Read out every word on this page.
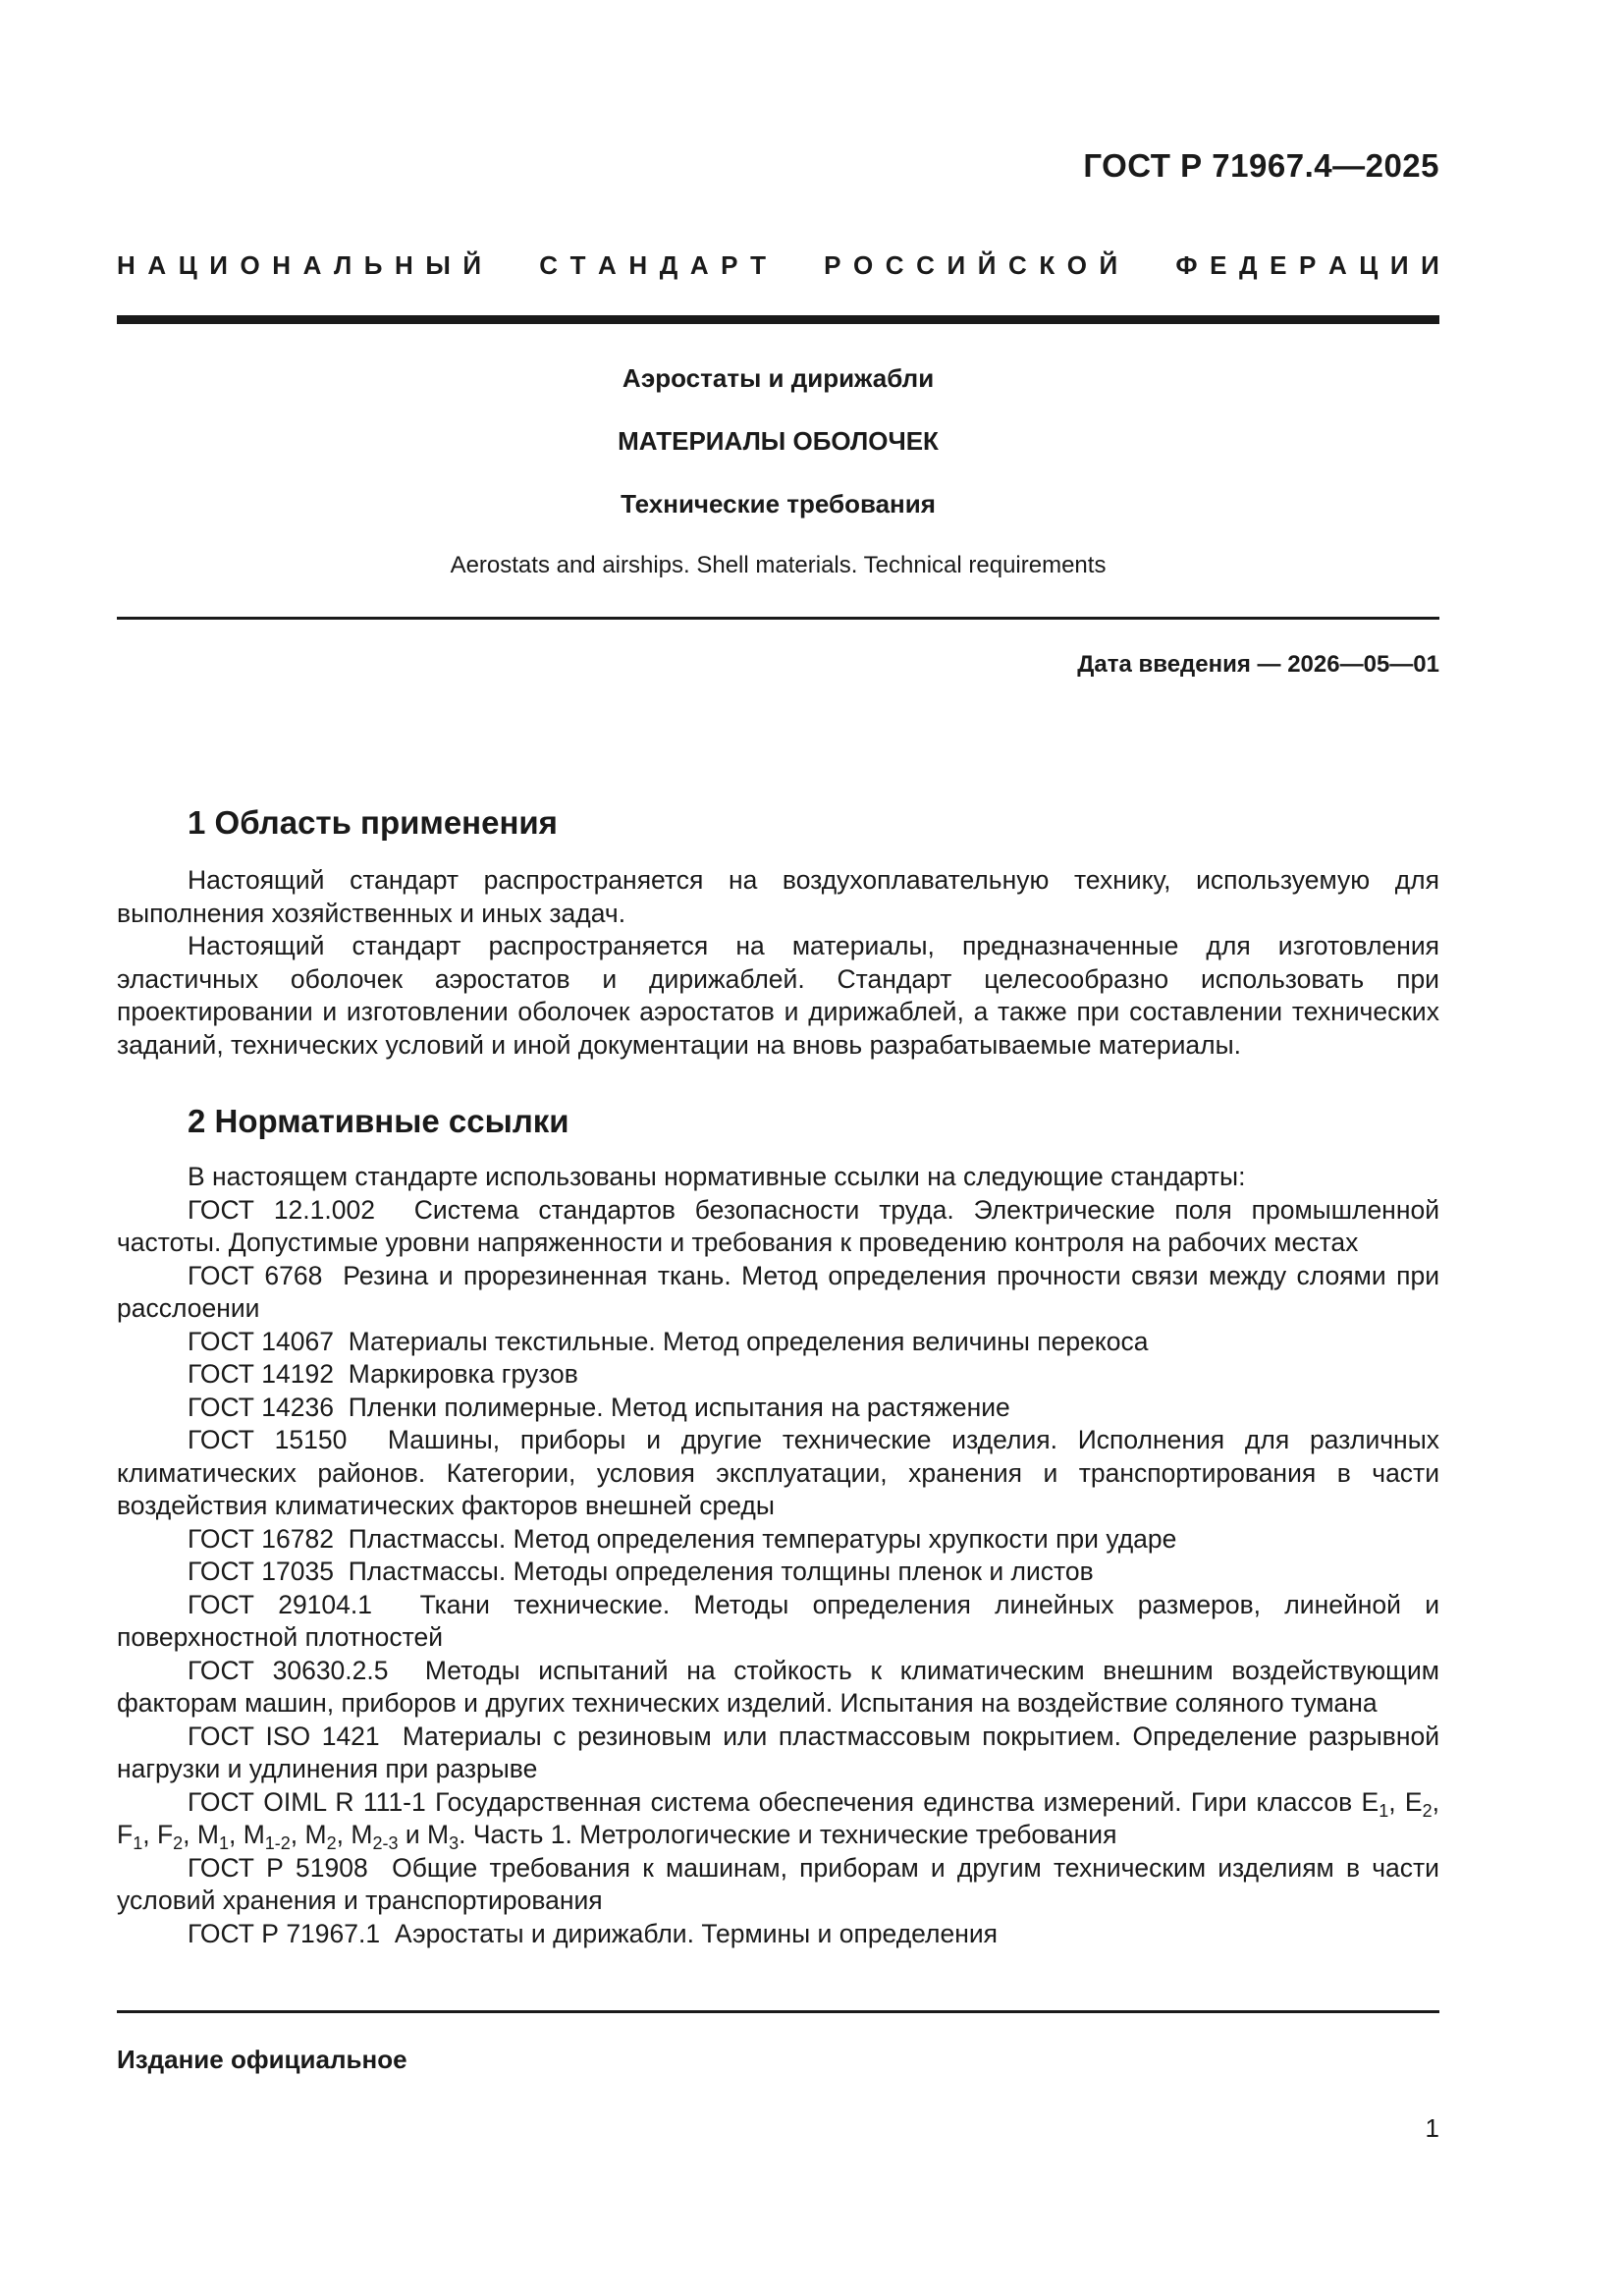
ГОСТ Р 71967.4—2025
Н А Ц И О Н А Л Ь Н Ы Й С Т А Н Д А Р Т Р О С С И Й С К О Й Ф Е Д Е Р А Ц И И
Аэростаты и дирижабли
МАТЕРИАЛЫ ОБОЛОЧЕК
Технические требования
Aerostats and airships. Shell materials. Technical requirements
Дата введения — 2026—05—01
1 Область применения

Настоящий стандарт распространяется на воздухоплавательную технику, используемую для выполнения хозяйственных и иных задач.

Настоящий стандарт распространяется на материалы, предназначенные для изготовления эластичных оболочек аэростатов и дирижаблей. Стандарт целесообразно использовать при проектировании и изготовлении оболочек аэростатов и дирижаблей, а также при составлении технических заданий, технических условий и иной документации на вновь разрабатываемые материалы.

2 Нормативные ссылки

В настоящем стандарте использованы нормативные ссылки на следующие стандарты:

ГОСТ 12.1.002 Система стандартов безопасности труда. Электрические поля промышленной частоты. Допустимые уровни напряженности и требования к проведению контроля на рабочих местах

ГОСТ 6768 Резина и прорезиненная ткань. Метод определения прочности связи между слоями при расслоении

ГОСТ 14067 Материалы текстильные. Метод определения величины перекоса

ГОСТ 14192 Маркировка грузов

ГОСТ 14236 Пленки полимерные. Метод испытания на растяжение

ГОСТ 15150 Машины, приборы и другие технические изделия. Исполнения для различных климатических районов. Категории, условия эксплуатации, хранения и транспортирования в части воздействия климатических факторов внешней среды

ГОСТ 16782 Пластмассы. Метод определения температуры хрупкости при ударе

ГОСТ 17035 Пластмассы. Методы определения толщины пленок и листов

ГОСТ 29104.1 Ткани технические. Методы определения линейных размеров, линейной и поверхностной плотностей

ГОСТ 30630.2.5 Методы испытаний на стойкость к климатическим внешним воздействующим факторам машин, приборов и других технических изделий. Испытания на воздействие соляного тумана

ГОСТ ISO 1421 Материалы с резиновым или пластмассовым покрытием. Определение разрывной нагрузки и удлинения при разрыве

ГОСТ OIML R 111-1 Государственная система обеспечения единства измерений. Гири классов $E_1$, $E_2$, $F_1$, $F_2$, $M_1$, $M_{1-2}$, $M_2$, $M_{2-3}$ и $M_3$. Часть 1. Метрологические и технические требования

ГОСТ Р 51908 Общие требования к машинам, приборам и другим техническим изделиям в части условий хранения и транспортирования

ГОСТ Р 71967.1 Аэростаты и дирижабли. Термины и определения

Издание официальное
1
